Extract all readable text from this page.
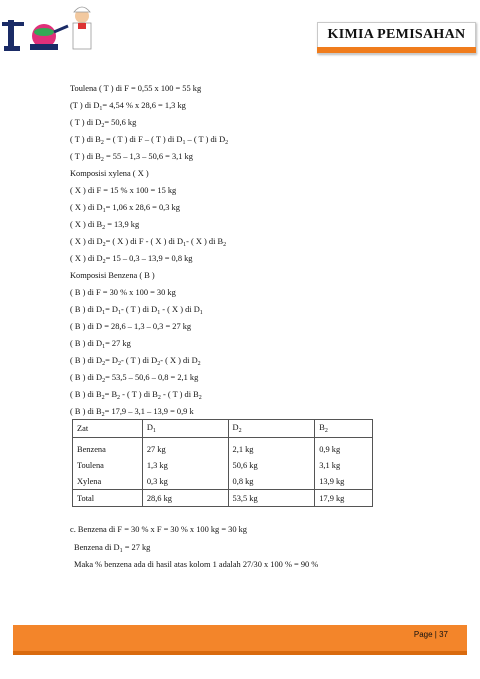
KIMIA PEMISAHAN
Toulena ( T ) di F = 0,55 x 100 = 55 kg
(T ) di $D_1= 4,54$ % x 28,6 = 1,3 kg
( T ) di $D_2= 50,6$ kg
( T ) di $B_2$ = ( T ) di F – ( T ) di $D_1$ – ( T ) di $D_2$
( T ) di $B_2 = 55 - 1,3 - 50,6 = 3,1$ kg
Komposisi xylena ( X )
( X ) di F = 15 % x 100 = 15 kg
( X ) di $D_1= 1,06$ x 28,6 = 0,3 kg
( X ) di $B_2 = 13,9$ kg
( X ) di $D_2=$ ( X ) di F - ( X ) di $D_1-$ ( X ) di $B_2$
( X ) di $D_2= 15 - 0,3 - 13,9 = 0,8$ kg
Komposisi Benzena ( B )
( B ) di F = 30 % x 100 = 30 kg
( B ) di $D_1= D_1-$ ( T ) di $D_1$ - ( X ) di $D_1$
( B ) di D = 28,6 – 1,3 – 0,3 = 27 kg
( B ) di $D_1= 27$ kg
( B ) di $D_2= D_2-$ ( T ) di $D_2-$ ( X ) di $D_2$
( B ) di $D_2= 53,5 - 50,6 - 0,8 = 2,1$ kg
( B ) di $B_2= B_2$ - ( T ) di $B_2$ - ( T ) di $B_2$
( B ) di $B_2= 17,9 - 3,1 - 13,9 = 0,9$ k
c. Benzena di F = 30 % x F = 30 % x 100 kg = 30 kg
Benzena di $D_1 = 27$ kg
Maka % benzena ada di hasil atas kolom 1 adalah 27/30 x 100 % = 90 %
Zat	$D_1$	$D_2$	$B_2$
Benzena	27 kg	2,1 kg	0,9 kg
Toulena	1,3 kg	50,6 kg	3,1 kg
Xylena	0,3 kg	0,8 kg	13,9 kg
Total	28,6 kg	53,5 kg	17,9 kg
Page | 37
